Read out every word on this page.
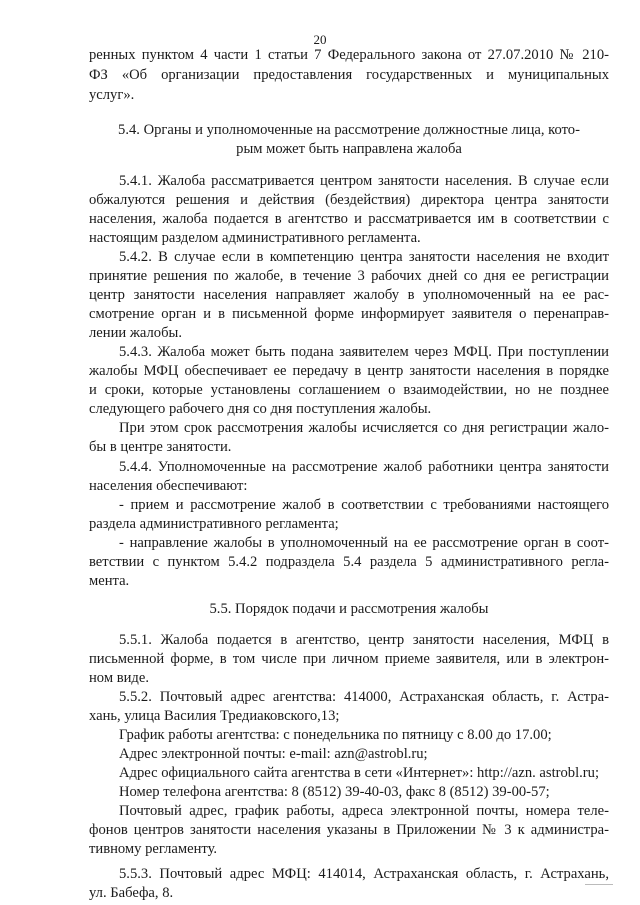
20
ренных пунктом 4 части 1 статьи 7 Федерального закона от 27.07.2010 № 210-
ФЗ «Об организации предоставления государственных и муниципальных
услуг».
5.4. Органы и уполномоченные на рассмотрение должностные лица, кото-
рым может быть направлена жалоба
5.4.1. Жалоба рассматривается центром занятости населения. В случае если
обжалуются решения и действия (бездействия) директора центра занятости
населения, жалоба подается в агентство и рассматривается им в соответствии с
настоящим разделом административного регламента.
5.4.2. В случае если в компетенцию центра занятости населения не входит
принятие решения по жалобе, в течение 3 рабочих дней со дня ее регистрации
центр занятости населения направляет жалобу в уполномоченный на ее рас-
смотрение орган и в письменной форме информирует заявителя о перенаправ-
лении жалобы.
5.4.3. Жалоба может быть подана заявителем через МФЦ. При поступлении
жалобы МФЦ обеспечивает ее передачу в центр занятости населения в порядке
и сроки, которые установлены соглашением о взаимодействии, но не позднее
следующего рабочего дня со дня поступления жалобы.
При этом срок рассмотрения жалобы исчисляется со дня регистрации жало-
бы в центре занятости.
5.4.4. Уполномоченные на рассмотрение жалоб работники центра занятости
населения обеспечивают:
- прием и рассмотрение жалоб в соответствии с требованиями настоящего
раздела административного регламента;
- направление жалобы в уполномоченный на ее рассмотрение орган в соот-
ветствии с пунктом 5.4.2 подраздела 5.4 раздела 5 административного регла-
мента.
5.5. Порядок подачи и рассмотрения жалобы
5.5.1. Жалоба подается в агентство, центр занятости населения, МФЦ в
письменной форме, в том числе при личном приеме заявителя, или в электрон-
ном виде.
5.5.2. Почтовый адрес агентства: 414000, Астраханская область, г. Астра-
хань, улица Василия Тредиаковского,13;
График работы агентства: с понедельника по пятницу с 8.00 до 17.00;
Адрес электронной почты: e-mail: azn@astrobl.ru;
Адрес официального сайта агентства в сети «Интернет»: http://azn. astrobl.ru;
Номер телефона агентства: 8 (8512) 39-40-03, факс 8 (8512) 39-00-57;
Почтовый адрес, график работы, адреса электронной почты, номера теле-
фонов центров занятости населения указаны в Приложении № 3 к администра-
тивному регламенту.
5.5.3. Почтовый адрес МФЦ: 414014, Астраханская область, г. Астрахань,
ул. Бабефа, 8.
